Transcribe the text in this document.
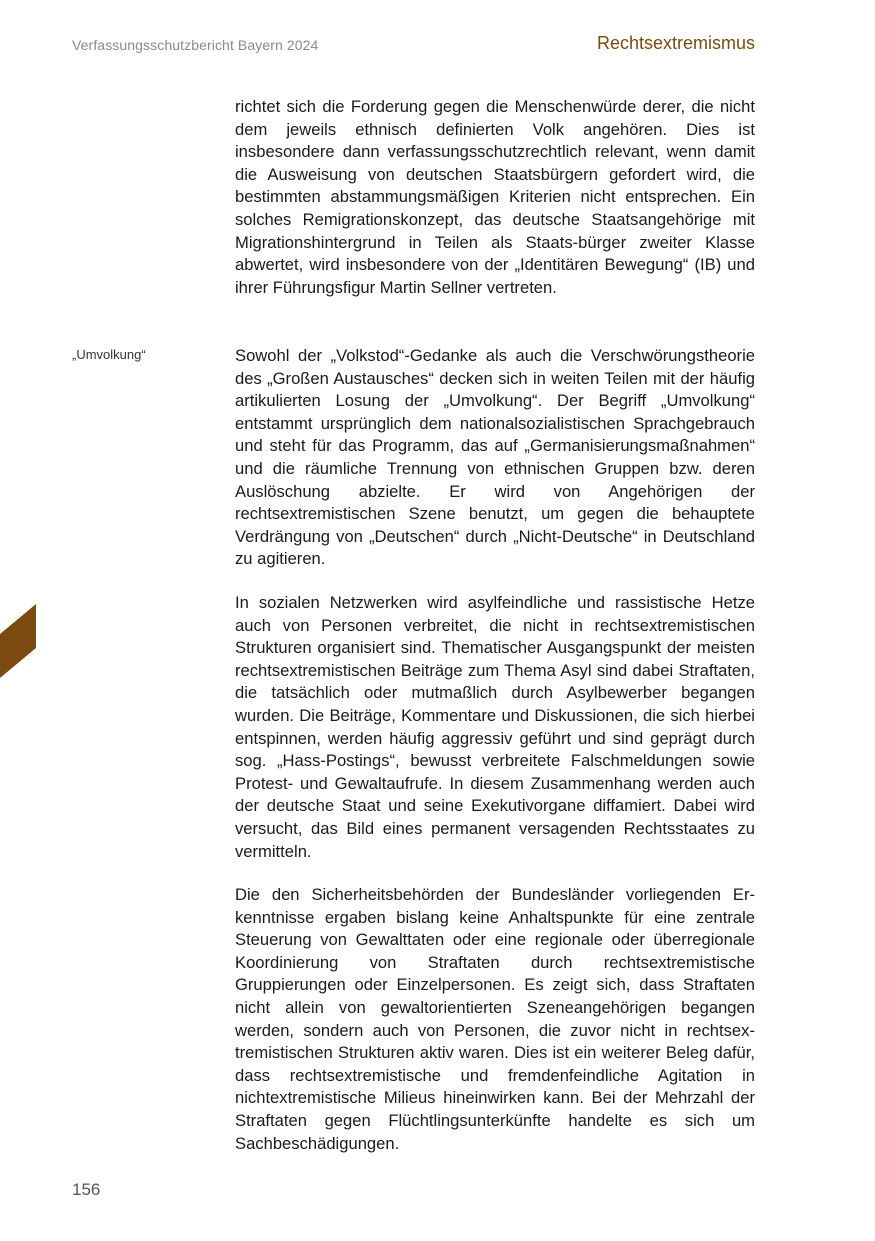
Verfassungsschutzbericht Bayern 2024	Rechtsextremismus
„Umvolkung“

richtet sich die Forderung gegen die Menschenwürde derer, die nicht dem jeweils ethnisch definierten Volk angehören. Dies ist insbesondere dann verfassungsschutzrechtlich relevant, wenn damit die Ausweisung von deutschen Staatsbürgern gefordert wird, die bestimmten abstammungsmäßigen Kriterien nicht entsprechen. Ein solches Remigrationskonzept, das deutsche Staatsangehörige mit Migrationshintergrund in Teilen als Staats-bürger zweiter Klasse abwertet, wird insbesondere von der „Identitären Bewegung“ (IB) und ihrer Führungsfigur Martin Sellner vertreten.

Sowohl der „Volkstod“-Gedanke als auch die Verschwörungstheorie des „Großen Austausches“ decken sich in weiten Teilen mit der häufig artikulierten Losung der „Umvolkung“. Der Begriff „Umvolkung“ entstammt ursprünglich dem nationalsozialistischen Sprachgebrauch und steht für das Programm, das auf „Germanisierungsmaßnahmen“ und die räumliche Trennung von ethnischen Gruppen bzw. deren Auslöschung abzielte. Er wird von Angehörigen der rechtsextremistischen Szene benutzt, um gegen die behauptete Verdrängung von „Deutschen“ durch „Nicht-Deutsche“ in Deutschland zu agitieren.

In sozialen Netzwerken wird asylfeindliche und rassistische Hetze auch von Personen verbreitet, die nicht in rechtsextremistischen Strukturen organisiert sind. Thematischer Ausgangspunkt der meisten rechtsextremistischen Beiträge zum Thema Asyl sind dabei Straftaten, die tatsächlich oder mutmaßlich durch Asylbewerber begangen wurden. Die Beiträge, Kommentare und Diskussionen, die sich hierbei entspinnen, werden häufig aggressiv geführt und sind geprägt durch sog. „Hass-Postings“, bewusst verbreitete Falschmeldungen sowie Protest- und Gewaltaufrufe. In diesem Zusammenhang werden auch der deutsche Staat und seine Exekutivorgane diffamiert. Dabei wird versucht, das Bild eines permanent versagenden Rechtsstaates zu vermitteln.

Die den Sicherheitsbehörden der Bundesländer vorliegenden Erkenntnisse ergaben bislang keine Anhaltspunkte für eine zentrale Steuerung von Gewalttaten oder eine regionale oder überregionale Koordinierung von Straftaten durch rechtsextremistische Gruppierungen oder Einzelpersonen. Es zeigt sich, dass Straftaten nicht allein von gewaltorientierten Szeneangehörigen begangen werden, sondern auch von Personen, die zuvor nicht in rechtsextremistischen Strukturen aktiv waren. Dies ist ein weiterer Beleg dafür, dass rechtsextremistische und fremdenfeindliche Agitation in nichtextremistische Milieus hineinwirken kann. Bei der Mehrzahl der Straftaten gegen Flüchtlingsunterkünfte handelte es sich um Sachbeschädigungen.

156
